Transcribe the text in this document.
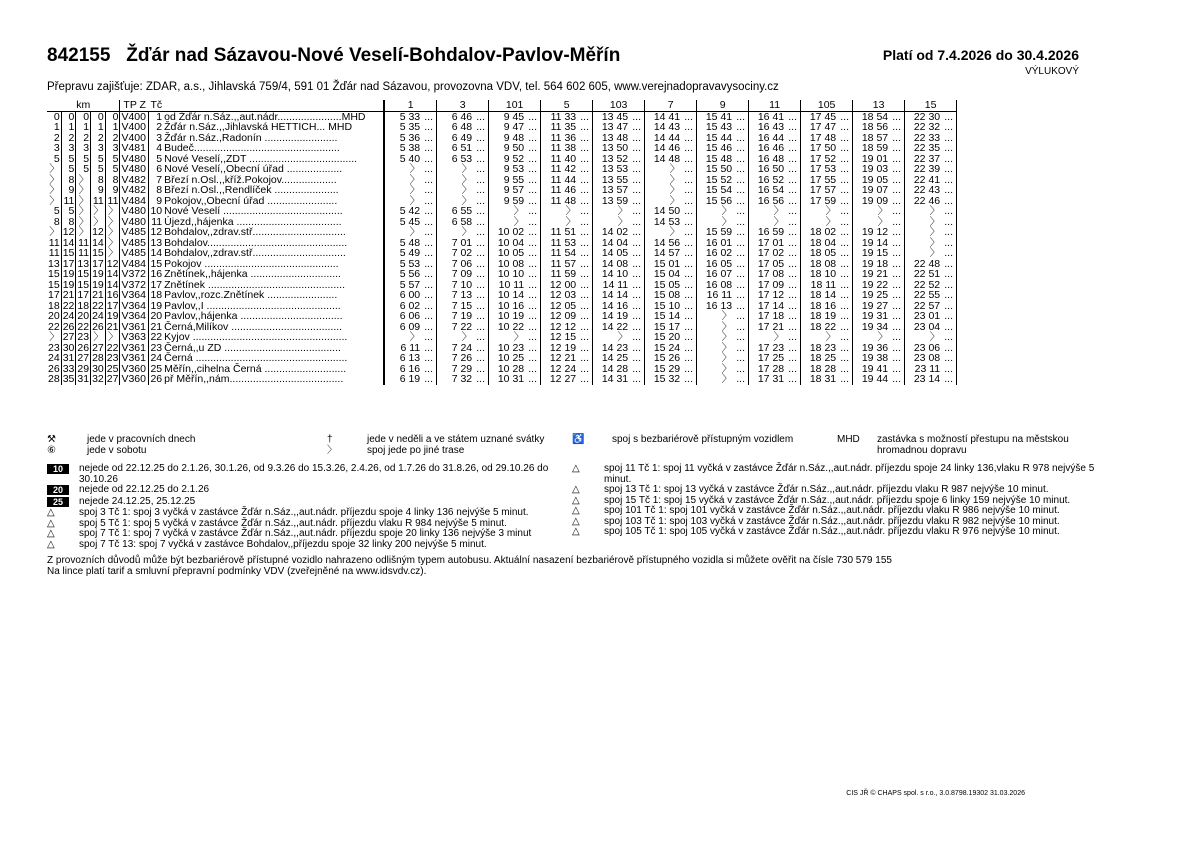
842155 Žďár nad Sázavou-Nové Veselí-Bohdalov-Pavlov-Měřín	Platí od 7.4.2026 do 30.4.2026
VÝLUKOVÝ
Přepravu zajišťuje: ZDAR, a.s., Jihlavská 759/4, 591 01 Žďár nad Sázavou, provozovna VDV, tel. 564 602 605, www.verejnadopravavysociny.cz
km					TP Z	Tč		1		3		101		5		103		7		9		11		105		13		15	
0	0	0	0	0	V400	1	od Žďár n.Sáz.,,aut.nádr......................MHD	5 33	...	6 46	...	9 45	...	11 33	...	13 45	...	14 41	...	15 41	...	16 41	...	17 45	...	18 54	...	22 30	...
1	1	1	1	1	V400	2	Žďár n.Sáz.,,Jihlavská HETTICH... MHD	5 35	...	6 48	...	9 47	...	11 35	...	13 47	...	14 43	...	15 43	...	16 43	...	17 47	...	18 56	...	22 32	...
2	2	2	2	2	V400	3	Žďár n.Sáz.,Radonín .........................	5 36	...	6 49	...	9 48	...	11 36	...	13 48	...	14 44	...	15 44	...	16 44	...	17 48	...	18 57	...	22 33	...
3	3	3	3	3	V481	4	Budeč..................................................	5 38	...	6 51	...	9 50	...	11 38	...	13 50	...	14 46	...	15 46	...	16 46	...	17 50	...	18 59	...	22 35	...
5	5	5	5	5	V480	5	Nové Veselí,,ZDT .....................................	5 40	...	6 53	...	9 52	...	11 40	...	13 52	...	14 48	...	15 48	...	16 48	...	17 52	...	19 01	...	22 37	...
〉	5	5	5	5	V480	6	Nové Veselí,,Obecní úřad ...................	〉	...	〉	...	9 53	...	11 42	...	13 53	...	〉	...	15 50	...	16 50	...	17 53	...	19 03	...	22 39	...
〉	8	〉	8	8	V482	7	Březí n.Osl.,,kříž.Pokojov...................	〉	...	〉	...	9 55	...	11 44	...	13 55	...	〉	...	15 52	...	16 52	...	17 55	...	19 05	...	22 41	...
〉	9	〉	9	9	V482	8	Březí n.Osl.,,Rendlíček ......................	〉	...	〉	...	9 57	...	11 46	...	13 57	...	〉	...	15 54	...	16 54	...	17 57	...	19 07	...	22 43	...
〉	11	〉	11	11	V484	9	Pokojov,,Obecní úřad ........................	〉	...	〉	...	9 59	...	11 48	...	13 59	...	〉	...	15 56	...	16 56	...	17 59	...	19 09	...	22 46	...
5	5	〉	〉	〉	V480	10	Nové Veselí .........................................	5 42	...	6 55	...	〉	...	〉	...	〉	...	14 50	...	〉	...	〉	...	〉	...	〉	...	〉	...
8	8	〉	〉	〉	V480	11	Újezd,,hájenka ....................................	5 45	...	6 58	...	〉	...	〉	...	〉	...	14 53	...	〉	...	〉	...	〉	...	〉	...	〉	...
〉	12	〉	12	〉	V485	12	Bohdalov,,zdrav.stř................................	〉	...	〉	...	10 02	...	11 51	...	14 02	...	〉	...	15 59	...	16 59	...	18 02	...	19 12	...	〉	...
11	14	11	14	〉	V485	13	Bohdalov................................................	5 48	...	7 01	...	10 04	...	11 53	...	14 04	...	14 56	...	16 01	...	17 01	...	18 04	...	19 14	...	〉	...
11	15	11	15	〉	V485	14	Bohdalov,,zdrav.stř................................	5 49	...	7 02	...	10 05	...	11 54	...	14 05	...	14 57	...	16 02	...	17 02	...	18 05	...	19 15	...	〉	...
13	17	13	17	12	V484	15	Pokojov ..............................................	5 53	...	7 06	...	10 08	...	11 57	...	14 08	...	15 01	...	16 05	...	17 05	...	18 08	...	19 18	...	22 48	...
15	19	15	19	14	V372	16	Znětínek,,hájenka ...............................	5 56	...	7 09	...	10 10	...	11 59	...	14 10	...	15 04	...	16 07	...	17 08	...	18 10	...	19 21	...	22 51	...
15	19	15	19	14	V372	17	Znětínek ...............................................	5 57	...	7 10	...	10 11	...	12 00	...	14 11	...	15 05	...	16 08	...	17 09	...	18 11	...	19 22	...	22 52	...
17	21	17	21	16	V364	18	Pavlov,,rozc.Znětínek ........................	6 00	...	7 13	...	10 14	...	12 03	...	14 14	...	15 08	...	16 11	...	17 12	...	18 14	...	19 25	...	22 55	...
18	22	18	22	17	V364	19	Pavlov,,I ..............................................	6 02	...	7 15	...	10 16	...	12 05	...	14 16	...	15 10	...	16 13	...	17 14	...	18 16	...	19 27	...	22 57	...
20	24	20	24	19	V364	20	Pavlov,,hájenka ...................................	6 06	...	7 19	...	10 19	...	12 09	...	14 19	...	15 14	...	〉	...	17 18	...	18 19	...	19 31	...	23 01	...
22	26	22	26	21	V361	21	Černá,Milíkov ......................................	6 09	...	7 22	...	10 22	...	12 12	...	14 22	...	15 17	...	〉	...	17 21	...	18 22	...	19 34	...	23 04	...
〉	27	23	〉	〉	V363	22	Kyjov .....................................................	〉	...	〉	...	〉	...	12 15	...	〉	...	15 20	...	〉	...	〉	...	〉	...	〉	...	〉	...
23	30	26	27	22	V361	23	Černá,,u ZD ........................................	6 11	...	7 24	...	10 23	...	12 19	...	14 23	...	15 24	...	〉	...	17 23	...	18 23	...	19 36	...	23 06	...
24	31	27	28	23	V361	24	Černá ....................................................	6 13	...	7 26	...	10 25	...	12 21	...	14 25	...	15 26	...	〉	...	17 25	...	18 25	...	19 38	...	23 08	...
26	33	29	30	25	V360	25	Měřín,,cihelna Černá ............................	6 16	...	7 29	...	10 28	...	12 24	...	14 28	...	15 29	...	〉	...	17 28	...	18 28	...	19 41	...	23 11	...
28	35	31	32	27	V360	26	př Měřín,,nám.......................................	6 19	...	7 32	...	10 31	...	12 27	...	14 31	...	15 32	...	〉	...	17 31	...	18 31	...	19 44	...	23 14	...
⚒	jede v pracovních dnech
⑥	jede v sobotu
†	jede v neděli a ve státem uznané svátky
〉	spoj jede po jiné trase
♿	spoj s bezbariérově přístupným vozidlem	MHD zastávka s možností přestupu na městskou hromadnou dopravu
10	nejede od 22.12.25 do 2.1.26, 30.1.26, od 9.3.26 do 15.3.26, 2.4.26, od 1.7.26 do 31.8.26, od 29.10.26 do 30.10.26
20	nejede od 22.12.25 do 2.1.26
25	nejede 24.12.25, 25.12.25
△	spoj 3 Tč 1: spoj 3 vyčká v zastávce Žďár n.Sáz.,,aut.nádr. příjezdu spoje 4 linky 136 nejvýše 5 minut.
△	spoj 5 Tč 1: spoj 5 vyčká v zastávce Žďár n.Sáz.,,aut.nádr. příjezdu vlaku R 984 nejvýše 5 minut.
△	spoj 7 Tč 1: spoj 7 vyčká v zastávce Žďár n.Sáz.,,aut.nádr. příjezdu spoje 20 linky 136 nejvýše 3 minut
△	spoj 7 Tč 13: spoj 7 vyčká v zastávce Bohdalov,,příjezdu spoje 32 linky 200 nejvýše 5 minut.
△	spoj 11 Tč 1: spoj 11 vyčká v zastávce Žďár n.Sáz.,,aut.nádr. příjezdu spoje 24 linky 136,vlaku R 978 nejvýše 5 minut.
△	spoj 13 Tč 1: spoj 13 vyčká v zastávce Žďár n.Sáz.,,aut.nádr. příjezdu vlaku R 987 nejvýše 10 minut.
△	spoj 15 Tč 1: spoj 15 vyčká v zastávce Žďár n.Sáz.,,aut.nádr. příjezdu spoje 6 linky 159 nejvýše 10 minut.
△	spoj 101 Tč 1: spoj 101 vyčká v zastávce Žďár n.Sáz.,,aut.nádr. příjezdu vlaku R 986 nejvýše 10 minut.
△	spoj 103 Tč 1: spoj 103 vyčká v zastávce Žďár n.Sáz.,,aut.nádr. příjezdu vlaku R 982 nejvýše 10 minut.
△	spoj 105 Tč 1: spoj 105 vyčká v zastávce Žďár n.Sáz.,,aut.nádr. příjezdu vlaku R 976 nejvýše 10 minut.
Z provozních důvodů může být bezbariérově přístupné vozidlo nahrazeno odlišným typem autobusu. Aktuální nasazení bezbariérově přístupného vozidla si můžete ověřit na čísle 730 579 155
Na lince platí tarif a smluvní přepravní podmínky VDV (zveřejněné na www.idsvdv.cz).
CIS JŘ © CHAPS spol. s r.o., 3.0.8798.19302 31.03.2026
